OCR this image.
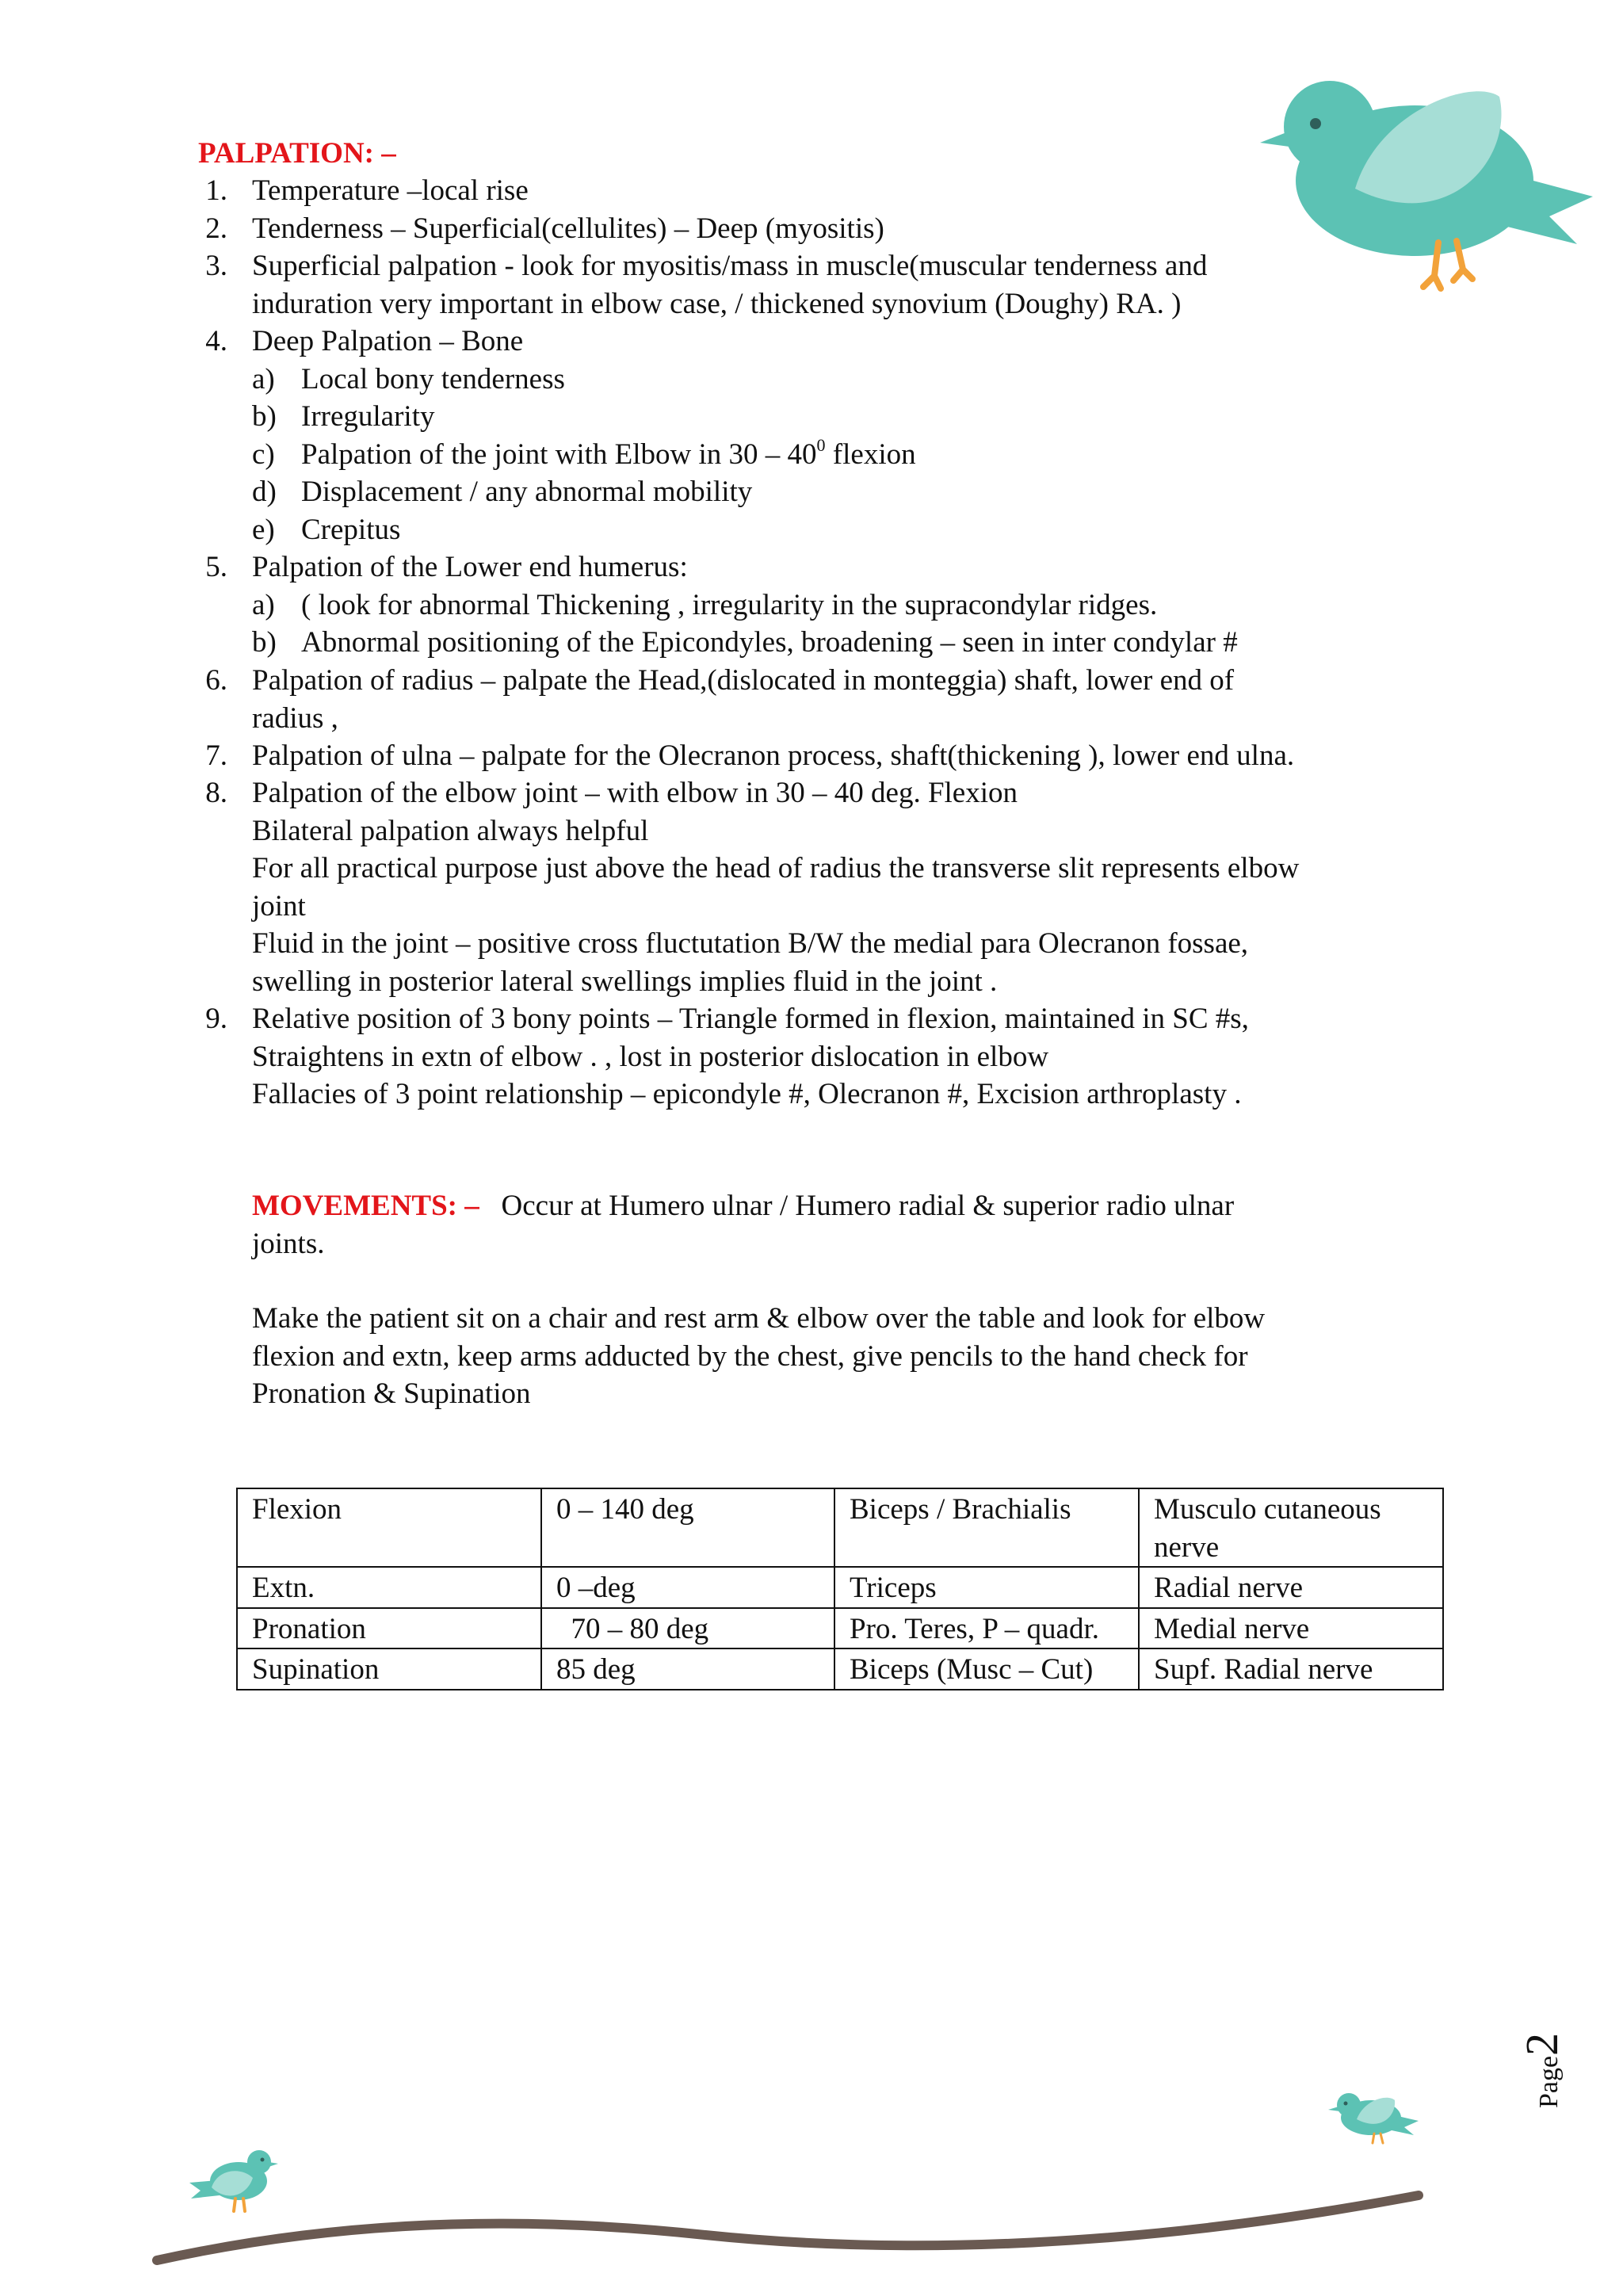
PALPATION: –
1. Temperature –local rise
2. Tenderness – Superficial(cellulites) – Deep (myositis)
3. Superficial palpation - look for myositis/mass in muscle(muscular tenderness and
induration very important in elbow case, / thickened synovium (Doughy) RA. )
4. Deep Palpation – Bone
a) Local bony tenderness
b) Irregularity
c) Palpation of the joint with Elbow in $30 - 40^0$ flexion
d) Displacement / any abnormal mobility
e) Crepitus
5. Palpation of the Lower end humerus:
a) ( look for abnormal Thickening , irregularity in the supracondylar ridges.
b) Abnormal positioning of the Epicondyles, broadening – seen in inter condylar #
6. Palpation of radius – palpate the Head,(dislocated in monteggia) shaft, lower end of
radius ,
7. Palpation of ulna – palpate for the Olecranon process, shaft(thickening ), lower end ulna.
8. Palpation of the elbow joint – with elbow in 30 – 40 deg. Flexion
Bilateral palpation always helpful
For all practical purpose just above the head of radius the transverse slit represents elbow
joint
Fluid in the joint – positive cross fluctutation B/W the medial para Olecranon fossae,
swelling in posterior lateral swellings implies fluid in the joint .
9. Relative position of 3 bony points – Triangle formed in flexion, maintained in SC #s,
Straightens in extn of elbow . , lost in posterior dislocation in elbow
Fallacies of 3 point relationship – epicondyle #, Olecranon #, Excision arthroplasty .
MOVEMENTS: –   Occur at Humero ulnar / Humero radial & superior radio ulnar
joints.
Make the patient sit on a chair and rest arm & elbow over the table and look for elbow
flexion and extn, keep arms adducted by the chest, give pencils to the hand check for
Pronation & Supination
Flexion	0 – 140 deg	Biceps / Brachialis	Musculo cutaneous nerve
Extn.	0 –deg	Triceps	Radial nerve
Pronation	70 – 80 deg	Pro. Teres, P – quadr.	Medial nerve
Supination	85 deg	Biceps (Musc – Cut)	Supf. Radial nerve
Page2
